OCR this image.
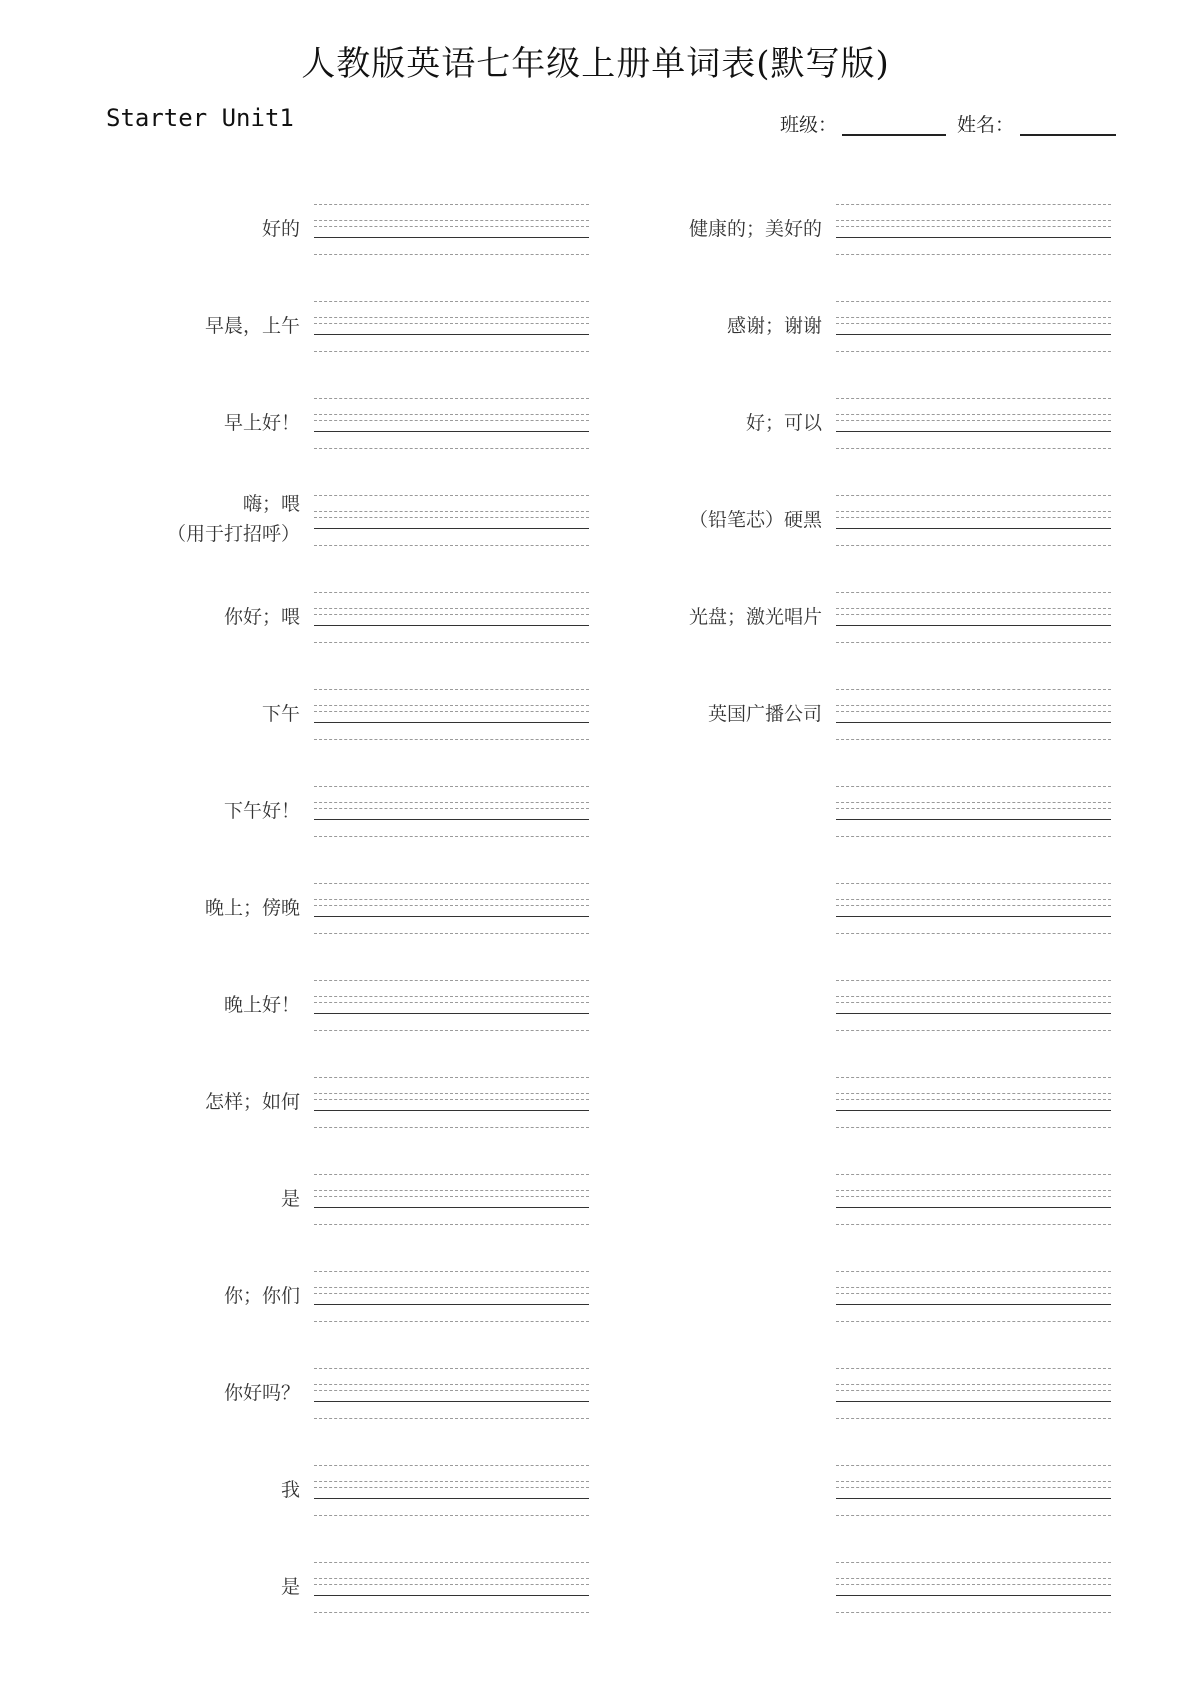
人教版英语七年级上册单词表(默写版)
Starter Unit1	班级：	姓名：
好的
早晨，上午
早上好！
嗨；喂
（用于打招呼）
你好；喂
下午
下午好！
晚上；傍晚
晚上好！
怎样；如何
是
你；你们
你好吗？
我
是
健康的；美好的
感谢；谢谢
好；可以
（铅笔芯）硬黑
光盘；激光唱片
英国广播公司
